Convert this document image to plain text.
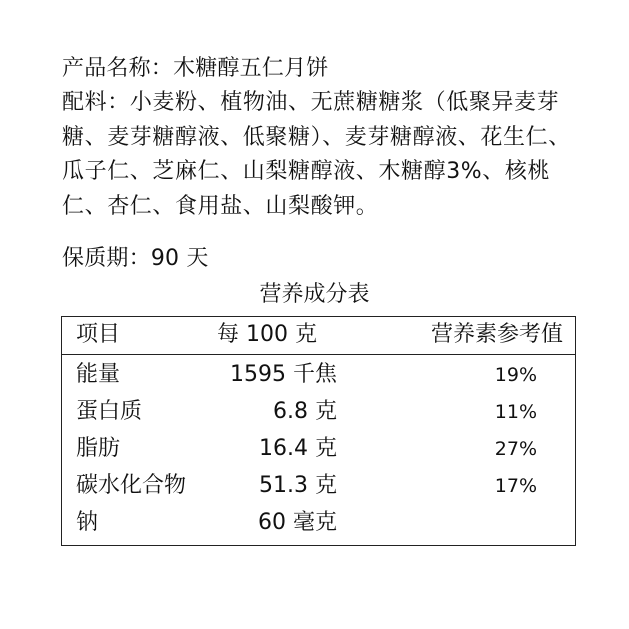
产品名称：木糖醇五仁月饼
配料：小麦粉、植物油、无蔗糖糖浆（低聚异麦芽糖、麦芽糖醇液、低聚糖）、麦芽糖醇液、花生仁、瓜子仁、芝麻仁、山梨糖醇液、木糖醇3%、核桃仁、杏仁、食用盐、山梨酸钾。
保质期：90 天
营养成分表
项目	每 100 克	营养素参考值
能量	1595 千焦	19%
蛋白质	6.8 克	11%
脂肪	16.4 克	27%
碳水化合物	51.3 克	17%
钠	60 毫克
